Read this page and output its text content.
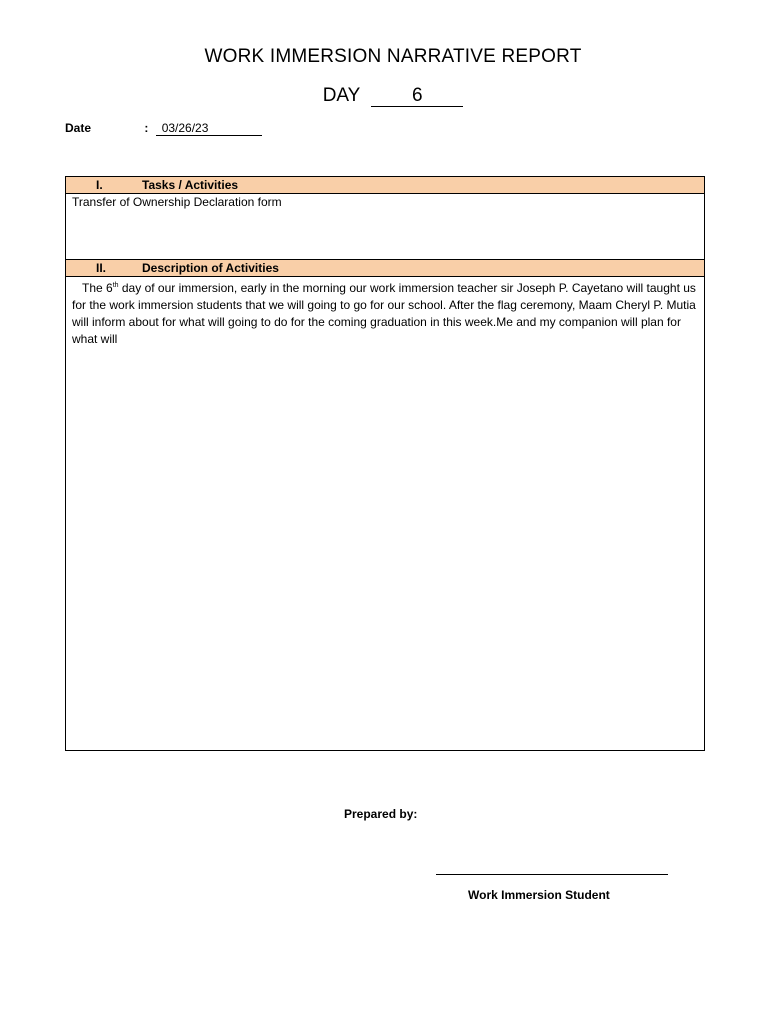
WORK IMMERSION NARRATIVE REPORT
DAY	6
Date	: 03/26/23
I.	Tasks / Activities
Transfer of Ownership Declaration form
II.	Description of Activities
The 6th day of our immersion, early in the morning our work immersion teacher sir Joseph P. Cayetano will taught us for the work immersion students that we will going to go for our school. After the flag ceremony, Maam Cheryl P. Mutia will inform about for what will going to do for the coming graduation in this week.Me and my companion will plan for what will
Prepared by:
Work Immersion Student
